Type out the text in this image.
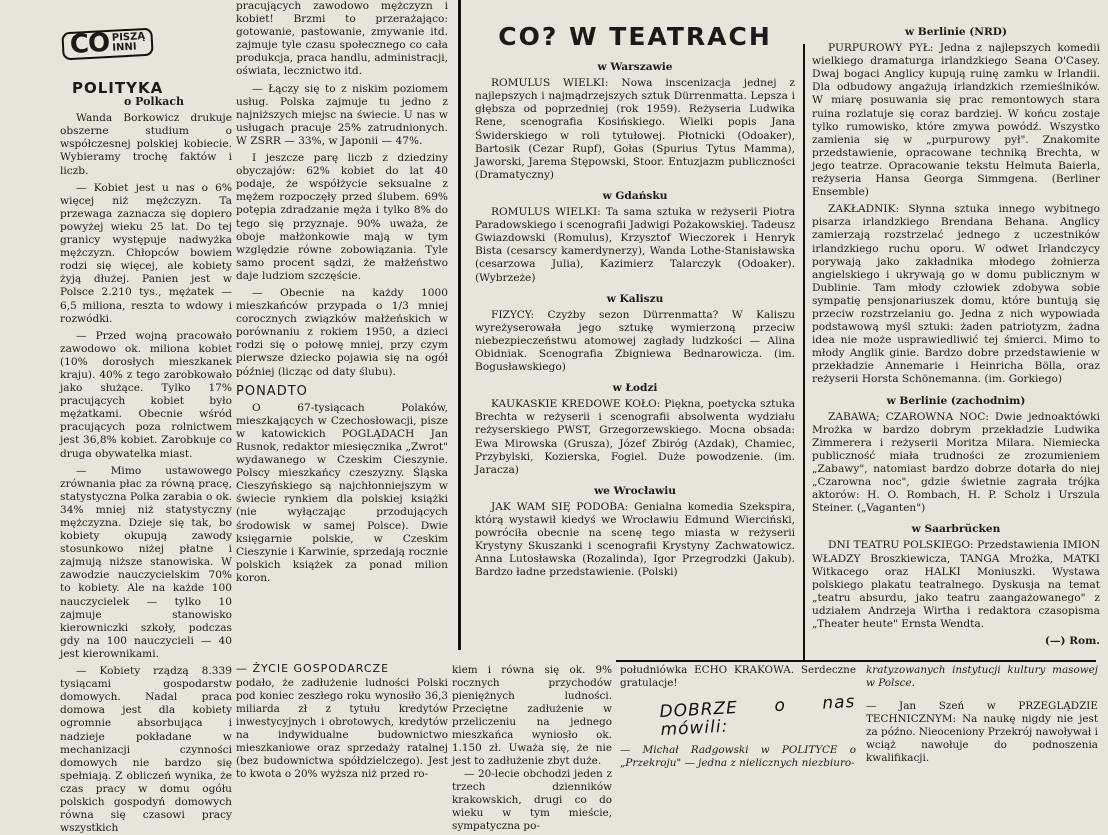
CO PISZĄ
INNI
POLITYKA

o Polkach

Wanda Borkowicz drukuje obszerne studium o współczesnej polskiej kobiecie. Wybieramy trochę faktów i liczb.

— Kobiet jest u nas o 6% więcej niż mężczyzn. Ta przewaga zaznacza się dopiero powyżej wieku 25 lat. Do tej granicy występuje nadwyżka mężczyzn. Chłopców bowiem rodzi się więcej, ale kobiety żyją dłużej. Panien jest w Polsce 2.210 tys., mężatek — 6,5 miliona, reszta to wdowy i rozwódki.

— Przed wojną pracowało zawodowo ok. miliona kobiet (10% dorosłych mieszkanek kraju). 40% z tego zarobkowało jako służące. Tylko 17% pracujących kobiet było mężatkami. Obecnie wśród pracujących poza rolnictwem jest 36,8% kobiet. Zarobkuje co druga obywatelka miast.

— Mimo ustawowego zrównania płac za równą pracę, statystyczna Polka zarabia o ok. 34% mniej niż statystyczny mężczyzna. Dzieje się tak, bo kobiety okupują zawody stosunkowo niżej płatne i zajmują niższe stanowiska. W zawodzie nauczycielskim 70% to kobiety. Ale na każde 100 nauczycielek — tylko 10 zajmuje stanowisko kierowniczki szkoły, podczas gdy na 100 nauczycieli — 40 jest kierownikami.

— Kobiety rządzą 8.339 tysiącami gospodarstw domowych. Nadal praca domowa jest dla kobiety ogromnie absorbująca i nadzieje pokładane w mechanizacji czynności domowych nie bardzo się spełniają. Z obliczeń wynika, że czas pracy w domu ogółu polskich gospodyń domowych równa się czasowi pracy wszystkich

pracujących zawodowo mężczyzn i kobiet! Brzmi to przerażająco: gotowanie, pastowanie, zmywanie itd. zajmuje tyle czasu społecznego co cała produkcja, praca handlu, administracji, oświata, lecznictwo itd.

— Łączy się to z niskim poziomem usług. Polska zajmuje tu jedno z najniższych miejsc na świecie. U nas w usługach pracuje 25% zatrudnionych. W ZSRR — 33%, w Japonii — 47%.

I jeszcze parę liczb z dziedziny obyczajów: 62% kobiet do lat 40 podaje, że współżycie seksualne z mężem rozpoczęły przed ślubem. 69% potępia zdradzanie męża i tylko 8% do tego się przyznaje. 90% uważa, że oboje małżonkowie mają w tym względzie równe zobowiązania. Tyle samo procent sądzi, że małżeństwo daje ludziom szczęście.

— Obecnie na każdy 1000 mieszkańców przypada o 1/3 mniej corocznych związków małżeńskich w porównaniu z rokiem 1950, a dzieci rodzi się o połowę mniej, przy czym pierwsze dziecko pojawia się na ogół później (licząc od daty ślubu).

PONADTO

O 67-tysiącach Polaków, mieszkających w Czechosłowacji, pisze w katowickich POGLĄDACH Jan Rusnok, redaktor miesięcznika „Zwrot" wydawanego w Czeskim Cieszynie. Polscy mieszkańcy czeszyzny. Śląska Cieszyńskiego są najchłonniejszym w świecie rynkiem dla polskiej książki (nie wyłączając przodujących środowisk w samej Polsce). Dwie księgarnie polskie, w Czeskim Cieszynie i Karwinie, sprzedają rocznie polskich książek za ponad milion koron.

CO? W TEATRACH
w Warszawie

ROMULUS WIELKI: Nowa inscenizacja jednej z najlepszych i najmądrzejszych sztuk Dürrenmatta. Lepsza i głębsza od poprzedniej (rok 1959). Reżyseria Ludwika Rene, scenografia Kosińskiego. Wielki popis Jana Świderskiego w roli tytułowej. Płotnicki (Odoaker), Bartosik (Cezar Rupf), Gołas (Spurius Tytus Mamma), Jaworski, Jarema Stępowski, Stoor. Entuzjazm publiczności (Dramatyczny)

w Gdańsku

ROMULUS WIELKI: Ta sama sztuka w reżyserii Piotra Paradowskiego i scenografii Jadwigi Pożakowskiej. Tadeusz Gwiazdowski (Romulus), Krzysztof Wieczorek i Henryk Bista (cesarscy kamerdynerzy), Wanda Lothe-Stanisławska (cesarzowa Julia), Kazimierz Talarczyk (Odoaker). (Wybrzeże)

w Kaliszu

FIZYCY: Czyżby sezon Dürrenmatta? W Kaliszu wyreżyserowała jego sztukę wymierzoną przeciw niebezpieczeństwu atomowej zagłady ludzkości — Alina Obidniak. Scenografia Zbigniewa Bednarowicza. (im. Bogusławskiego)

w Łodzi

KAUKASKIE KREDOWE KOŁO: Piękna, poetycka sztuka Brechta w reżyserii i scenografii absolwenta wydziału reżyserskiego PWST, Grzegorzewskiego. Mocna obsada: Ewa Mirowska (Grusza), Józef Zbiróg (Azdak), Chamiec, Przybylski, Kozierska, Fogiel. Duże powodzenie. (im. Jaracza)

we Wrocławiu

JAK WAM SIĘ PODOBA: Genialna komedia Szekspira, którą wystawił kiedyś we Wrocławiu Edmund Wierciński, powróciła obecnie na scenę tego miasta w reżyserii Krystyny Skuszanki i scenografii Krystyny Zachwatowicz. Anna Lutosławska (Rozalinda), Igor Przegrodzki (Jakub). Bardzo ładne przedstawienie. (Polski)

w Berlinie (NRD)

PURPUROWY PYŁ: Jedna z najlepszych komedii wielkiego dramaturga irlandzkiego Seana O'Casey. Dwaj bogaci Anglicy kupują ruinę zamku w Irlandii. Dla odbudowy angażują irlandzkich rzemieślników. W miarę posuwania się prac remontowych stara ruina rozlatuje się coraz bardziej. W końcu zostaje tylko rumowisko, które zmywa powódź. Wszystko zamienia się w „purpurowy pył". Znakomite przedstawienie, opracowane techniką Brechta, w jego teatrze. Opracowanie tekstu Helmuta Baierla, reżyseria Hansa Georga Simmgena. (Berliner Ensemble)

ZAKŁADNIK: Słynna sztuka innego wybitnego pisarza irlandzkiego Brendana Behana. Anglicy zamierzają rozstrzelać jednego z uczestników irlandzkiego ruchu oporu. W odwet Irlandczycy porywają jako zakładnika młodego żołnierza angielskiego i ukrywają go w domu publicznym w Dublinie. Tam młody człowiek zdobywa sobie sympatię pensjonariuszek domu, które buntują się przeciw rozstrzelaniu go. Jedna z nich wypowiada podstawową myśl sztuki: żaden patriotyzm, żadna idea nie może usprawiedliwić tej śmierci. Mimo to młody Anglik ginie. Bardzo dobre przedstawienie w przekładzie Annemarie i Heinricha Bölla, oraz reżyserii Horsta Schönemanna. (im. Gorkiego)

w Berlinie (zachodnim)

ZABAWA; CZAROWNA NOC: Dwie jednoaktówki Mrożka w bardzo dobrym przekładzie Ludwika Zimmerera i reżyserii Moritza Milara. Niemiecka publiczność miała trudności ze zrozumieniem „Zabawy", natomiast bardzo dobrze dotarła do niej „Czarowna noc", gdzie świetnie zagrała trójka aktorów: H. O. Rombach, H. P. Scholz i Urszula Steiner. („Vaganten")

w Saarbrücken

DNI TEATRU POLSKIEGO: Przedstawienia IMION WŁADZY Broszkiewicza, TANGA Mrożka, MATKI Witkacego oraz HALKI Moniuszki. Wystawa polskiego plakatu teatralnego. Dyskusja na temat „teatru absurdu, jako teatru zaangażowanego" z udziałem Andrzeja Wirtha i redaktora czasopisma „Theater heute" Ernsta Wendta.

(—) Rom.
— ŻYCIE GOSPODARCZE

podało, że zadłużenie ludności Polski pod koniec zeszłego roku wynosiło 36,3 miliarda zł z tytułu kredytów inwestycyjnych i obrotowych, kredytów na indywidualne budownictwo mieszkaniowe oraz sprzedaży ratalnej (bez budownictwa spółdzielczego). Jest to kwota o 20% wyższa niż przed ro-

kiem i równa się ok. 9% rocznych przychodów pieniężnych ludności. Przeciętne zadłużenie w przeliczeniu na jednego mieszkańca wyniosło ok. 1.150 zł. Uważa się, że nie jest to zadłużenie zbyt duże.

— 20-lecie obchodzi jeden z trzech dzienników krakowskich, drugi co do wieku w tym mieście, sympatyczna po-

południówka ECHO KRAKOWA. Serdeczne gratulacje!

DOBRZE o nas mówili:

— Michał Radgowski w POLITYCE o „Przekroju" — jedna z nielicznych niezbiuro-

kratyzowanych instytucji kultury masowej w Polsce.

— Jan Szeń w PRZEGLĄDZIE TECHNICZNYM: Na naukę nigdy nie jest za późno. Nieoceniony Przekrój nawoływał i wciąż nawołuje do podnoszenia kwalifikacji.
